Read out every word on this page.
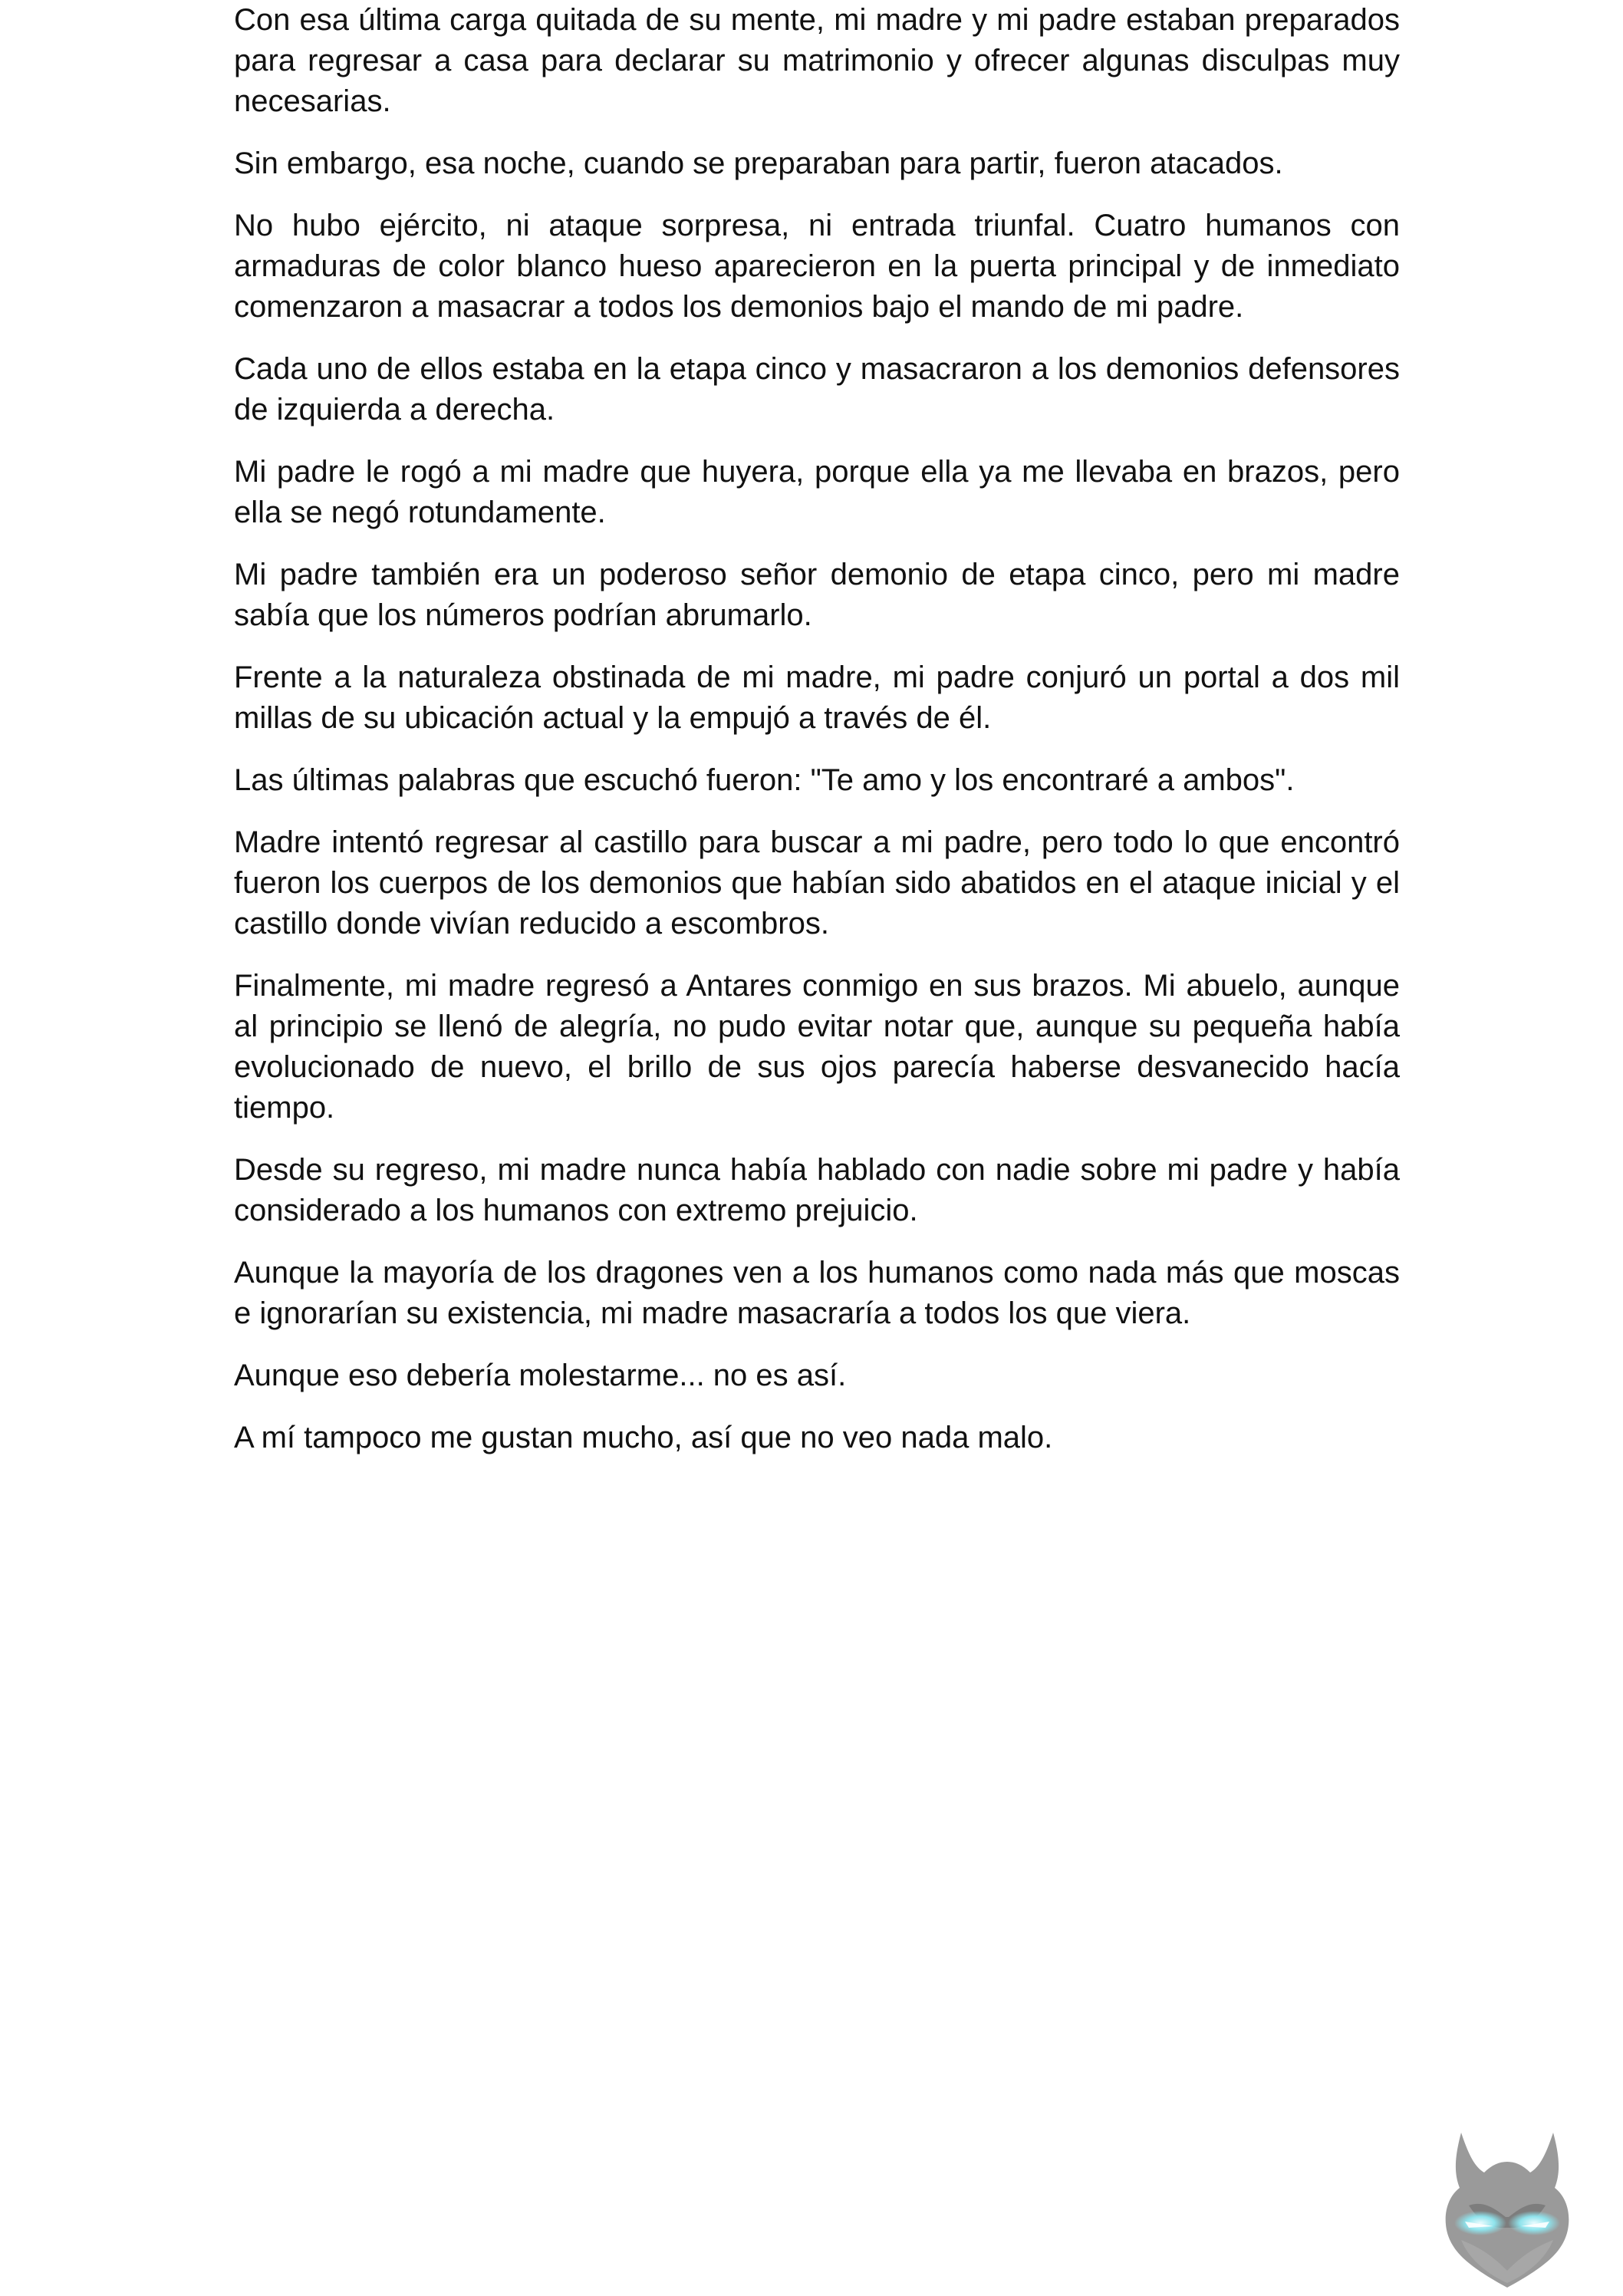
Con esa última carga quitada de su mente, mi madre y mi padre estaban preparados para regresar a casa para declarar su matrimonio y ofrecer algunas disculpas muy necesarias.

Sin embargo, esa noche, cuando se preparaban para partir, fueron atacados.

No hubo ejército, ni ataque sorpresa, ni entrada triunfal. Cuatro humanos con armaduras de color blanco hueso aparecieron en la puerta principal y de inmediato comenzaron a masacrar a todos los demonios bajo el mando de mi padre.

Cada uno de ellos estaba en la etapa cinco y masacraron a los demonios defensores de izquierda a derecha.

Mi padre le rogó a mi madre que huyera, porque ella ya me llevaba en brazos, pero ella se negó rotundamente.

Mi padre también era un poderoso señor demonio de etapa cinco, pero mi madre sabía que los números podrían abrumarlo.

Frente a la naturaleza obstinada de mi madre, mi padre conjuró un portal a dos mil millas de su ubicación actual y la empujó a través de él.

Las últimas palabras que escuchó fueron: "Te amo y los encontraré a ambos".

Madre intentó regresar al castillo para buscar a mi padre, pero todo lo que encontró fueron los cuerpos de los demonios que habían sido abatidos en el ataque inicial y el castillo donde vivían reducido a escombros.

Finalmente, mi madre regresó a Antares conmigo en sus brazos. Mi abuelo, aunque al principio se llenó de alegría, no pudo evitar notar que, aunque su pequeña había evolucionado de nuevo, el brillo de sus ojos parecía haberse desvanecido hacía tiempo.

Desde su regreso, mi madre nunca había hablado con nadie sobre mi padre y había considerado a los humanos con extremo prejuicio.

Aunque la mayoría de los dragones ven a los humanos como nada más que moscas e ignorarían su existencia, mi madre masacraría a todos los que viera.

Aunque eso debería molestarme... no es así.

A mí tampoco me gustan mucho, así que no veo nada malo.
